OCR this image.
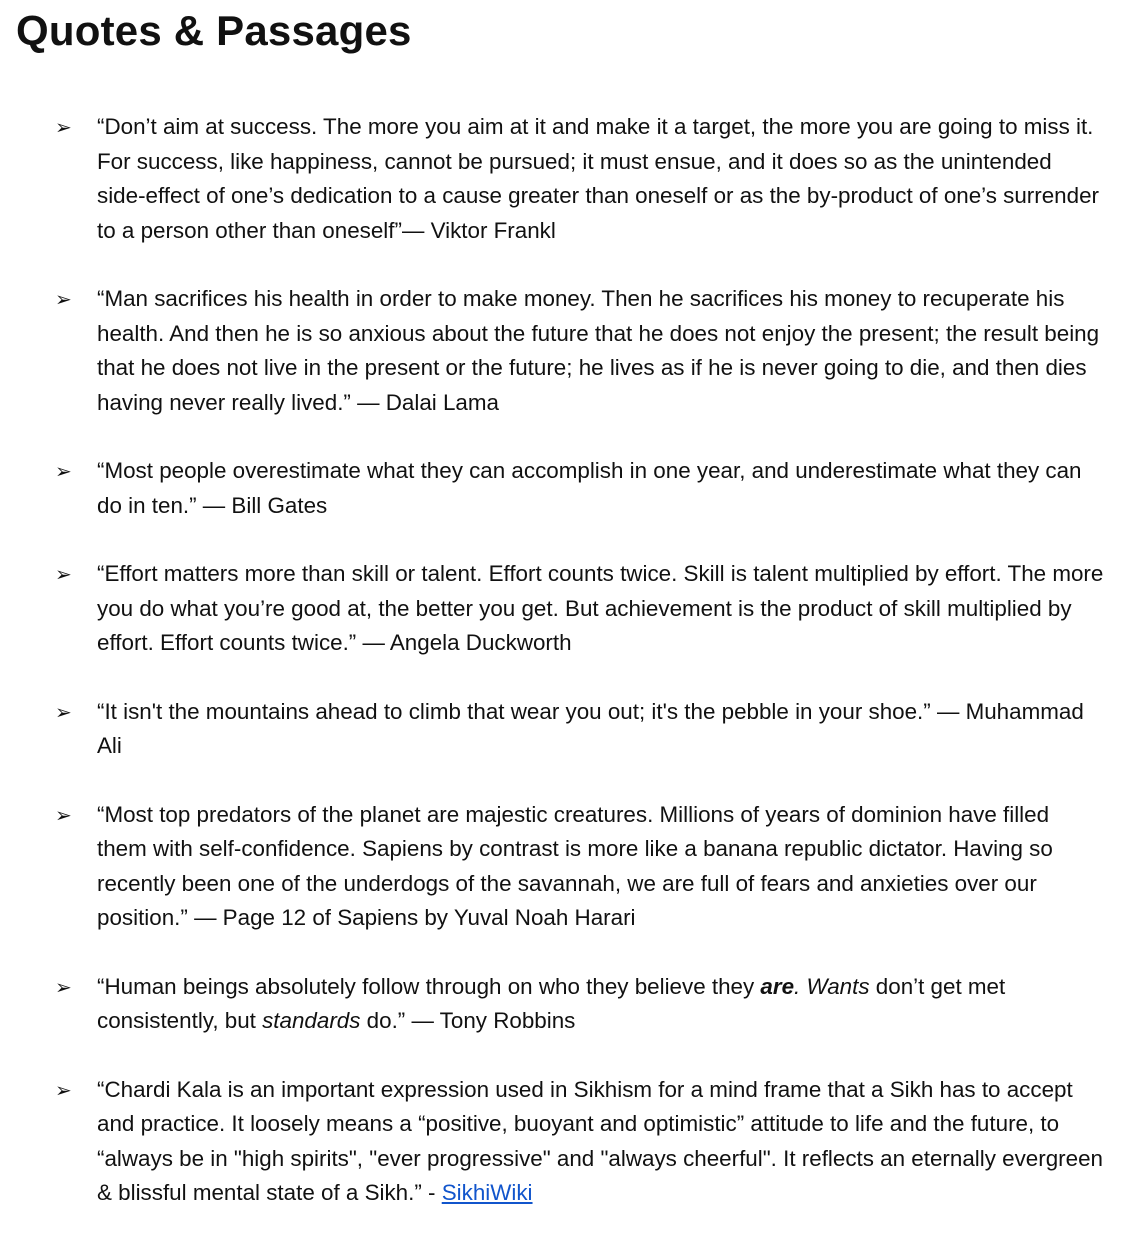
Quotes & Passages
➢ “Don’t aim at success. The more you aim at it and make it a target, the more you are going to miss it. For success, like happiness, cannot be pursued; it must ensue, and it does so as the unintended side-effect of one’s dedication to a cause greater than oneself or as the by-product of one’s surrender to a person other than oneself”— Viktor Frankl
➢ “Man sacrifices his health in order to make money. Then he sacrifices his money to recuperate his health. And then he is so anxious about the future that he does not enjoy the present; the result being that he does not live in the present or the future; he lives as if he is never going to die, and then dies having never really lived.” — Dalai Lama
➢ “Most people overestimate what they can accomplish in one year, and underestimate what they can do in ten.” — Bill Gates
➢ “Effort matters more than skill or talent. Effort counts twice. Skill is talent multiplied by effort. The more you do what you’re good at, the better you get. But achievement is the product of skill multiplied by effort. Effort counts twice.” — Angela Duckworth
➢ “It isn't the mountains ahead to climb that wear you out; it's the pebble in your shoe.” — Muhammad Ali
➢ “Most top predators of the planet are majestic creatures. Millions of years of dominion have filled them with self-confidence. Sapiens by contrast is more like a banana republic dictator. Having so recently been one of the underdogs of the savannah, we are full of fears and anxieties over our position.” — Page 12 of Sapiens by Yuval Noah Harari
➢ “Human beings absolutely follow through on who they believe they are. Wants don’t get met consistently, but standards do.” — Tony Robbins
➢ “Chardi Kala is an important expression used in Sikhism for a mind frame that a Sikh has to accept and practice. It loosely means a “positive, buoyant and optimistic” attitude to life and the future, to “always be in "high spirits", "ever progressive" and "always cheerful". It reflects an eternally evergreen & blissful mental state of a Sikh.” - SikhiWiki
